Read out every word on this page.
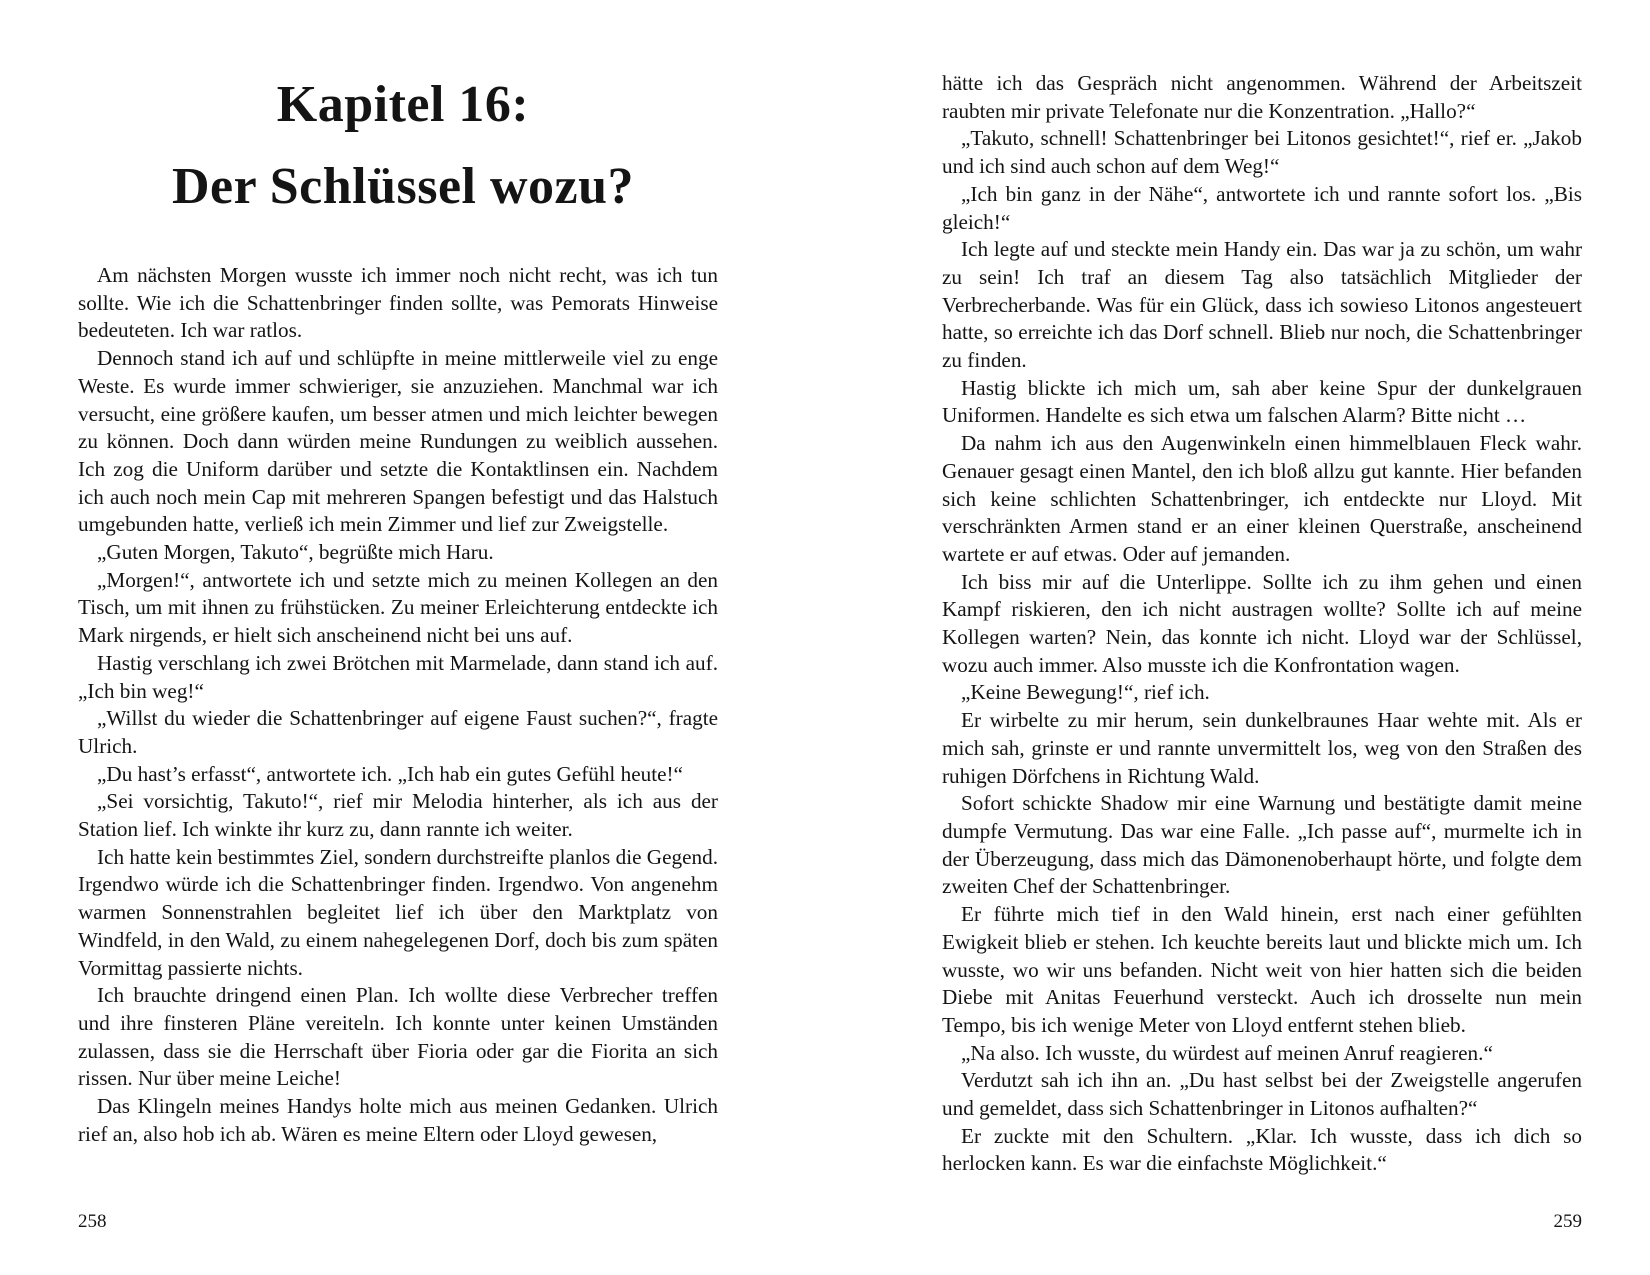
Kapitel 16:
Der Schlüssel wozu?

Am nächsten Morgen wusste ich immer noch nicht recht, was ich tun sollte. Wie ich die Schattenbringer finden sollte, was Pemorats Hinweise bedeuteten. Ich war ratlos.

Dennoch stand ich auf und schlüpfte in meine mittlerweile viel zu enge Weste. Es wurde immer schwieriger, sie anzuziehen. Manchmal war ich versucht, eine größere kaufen, um besser atmen und mich leichter bewegen zu können. Doch dann würden meine Rundungen zu weiblich aussehen. Ich zog die Uniform darüber und setzte die Kontaktlinsen ein. Nachdem ich auch noch mein Cap mit mehreren Spangen befestigt und das Halstuch umgebunden hatte, verließ ich mein Zimmer und lief zur Zweigstelle.

„Guten Morgen, Takuto“, begrüßte mich Haru.

„Morgen!“, antwortete ich und setzte mich zu meinen Kollegen an den Tisch, um mit ihnen zu frühstücken. Zu meiner Erleichterung entdeckte ich Mark nirgends, er hielt sich anscheinend nicht bei uns auf.

Hastig verschlang ich zwei Brötchen mit Marmelade, dann stand ich auf. „Ich bin weg!“

„Willst du wieder die Schattenbringer auf eigene Faust suchen?“, fragte Ulrich.

„Du hast’s erfasst“, antwortete ich. „Ich hab ein gutes Gefühl heute!“

„Sei vorsichtig, Takuto!“, rief mir Melodia hinterher, als ich aus der Station lief. Ich winkte ihr kurz zu, dann rannte ich weiter.

Ich hatte kein bestimmtes Ziel, sondern durchstreifte planlos die Gegend. Irgendwo würde ich die Schattenbringer finden. Irgendwo. Von angenehm warmen Sonnenstrahlen begleitet lief ich über den Marktplatz von Windfeld, in den Wald, zu einem nahegelegenen Dorf, doch bis zum späten Vormittag passierte nichts.

Ich brauchte dringend einen Plan. Ich wollte diese Verbrecher treffen und ihre finsteren Pläne vereiteln. Ich konnte unter keinen Umständen zulassen, dass sie die Herrschaft über Fioria oder gar die Fiorita an sich rissen. Nur über meine Leiche!

Das Klingeln meines Handys holte mich aus meinen Gedanken. Ulrich rief an, also hob ich ab. Wären es meine Eltern oder Lloyd gewesen,

258

hätte ich das Gespräch nicht angenommen. Während der Arbeitszeit raubten mir private Telefonate nur die Konzentration. „Hallo?“

„Takuto, schnell! Schattenbringer bei Litonos gesichtet!“, rief er. „Jakob und ich sind auch schon auf dem Weg!“

„Ich bin ganz in der Nähe“, antwortete ich und rannte sofort los. „Bis gleich!“

Ich legte auf und steckte mein Handy ein. Das war ja zu schön, um wahr zu sein! Ich traf an diesem Tag also tatsächlich Mitglieder der Verbrecherbande. Was für ein Glück, dass ich sowieso Litonos angesteuert hatte, so erreichte ich das Dorf schnell. Blieb nur noch, die Schattenbringer zu finden.

Hastig blickte ich mich um, sah aber keine Spur der dunkelgrauen Uniformen. Handelte es sich etwa um falschen Alarm? Bitte nicht …

Da nahm ich aus den Augenwinkeln einen himmelblauen Fleck wahr. Genauer gesagt einen Mantel, den ich bloß allzu gut kannte. Hier befanden sich keine schlichten Schattenbringer, ich entdeckte nur Lloyd. Mit verschränkten Armen stand er an einer kleinen Querstraße, anscheinend wartete er auf etwas. Oder auf jemanden.

Ich biss mir auf die Unterlippe. Sollte ich zu ihm gehen und einen Kampf riskieren, den ich nicht austragen wollte? Sollte ich auf meine Kollegen warten? Nein, das konnte ich nicht. Lloyd war der Schlüssel, wozu auch immer. Also musste ich die Konfrontation wagen.

„Keine Bewegung!“, rief ich.

Er wirbelte zu mir herum, sein dunkelbraunes Haar wehte mit. Als er mich sah, grinste er und rannte unvermittelt los, weg von den Straßen des ruhigen Dörfchens in Richtung Wald.

Sofort schickte Shadow mir eine Warnung und bestätigte damit meine dumpfe Vermutung. Das war eine Falle. „Ich passe auf“, murmelte ich in der Überzeugung, dass mich das Dämonenoberhaupt hörte, und folgte dem zweiten Chef der Schattenbringer.

Er führte mich tief in den Wald hinein, erst nach einer gefühlten Ewigkeit blieb er stehen. Ich keuchte bereits laut und blickte mich um. Ich wusste, wo wir uns befanden. Nicht weit von hier hatten sich die beiden Diebe mit Anitas Feuerhund versteckt. Auch ich drosselte nun mein Tempo, bis ich wenige Meter von Lloyd entfernt stehen blieb.

„Na also. Ich wusste, du würdest auf meinen Anruf reagieren.“

Verdutzt sah ich ihn an. „Du hast selbst bei der Zweigstelle angerufen und gemeldet, dass sich Schattenbringer in Litonos aufhalten?“

Er zuckte mit den Schultern. „Klar. Ich wusste, dass ich dich so herlocken kann. Es war die einfachste Möglichkeit.“

259
